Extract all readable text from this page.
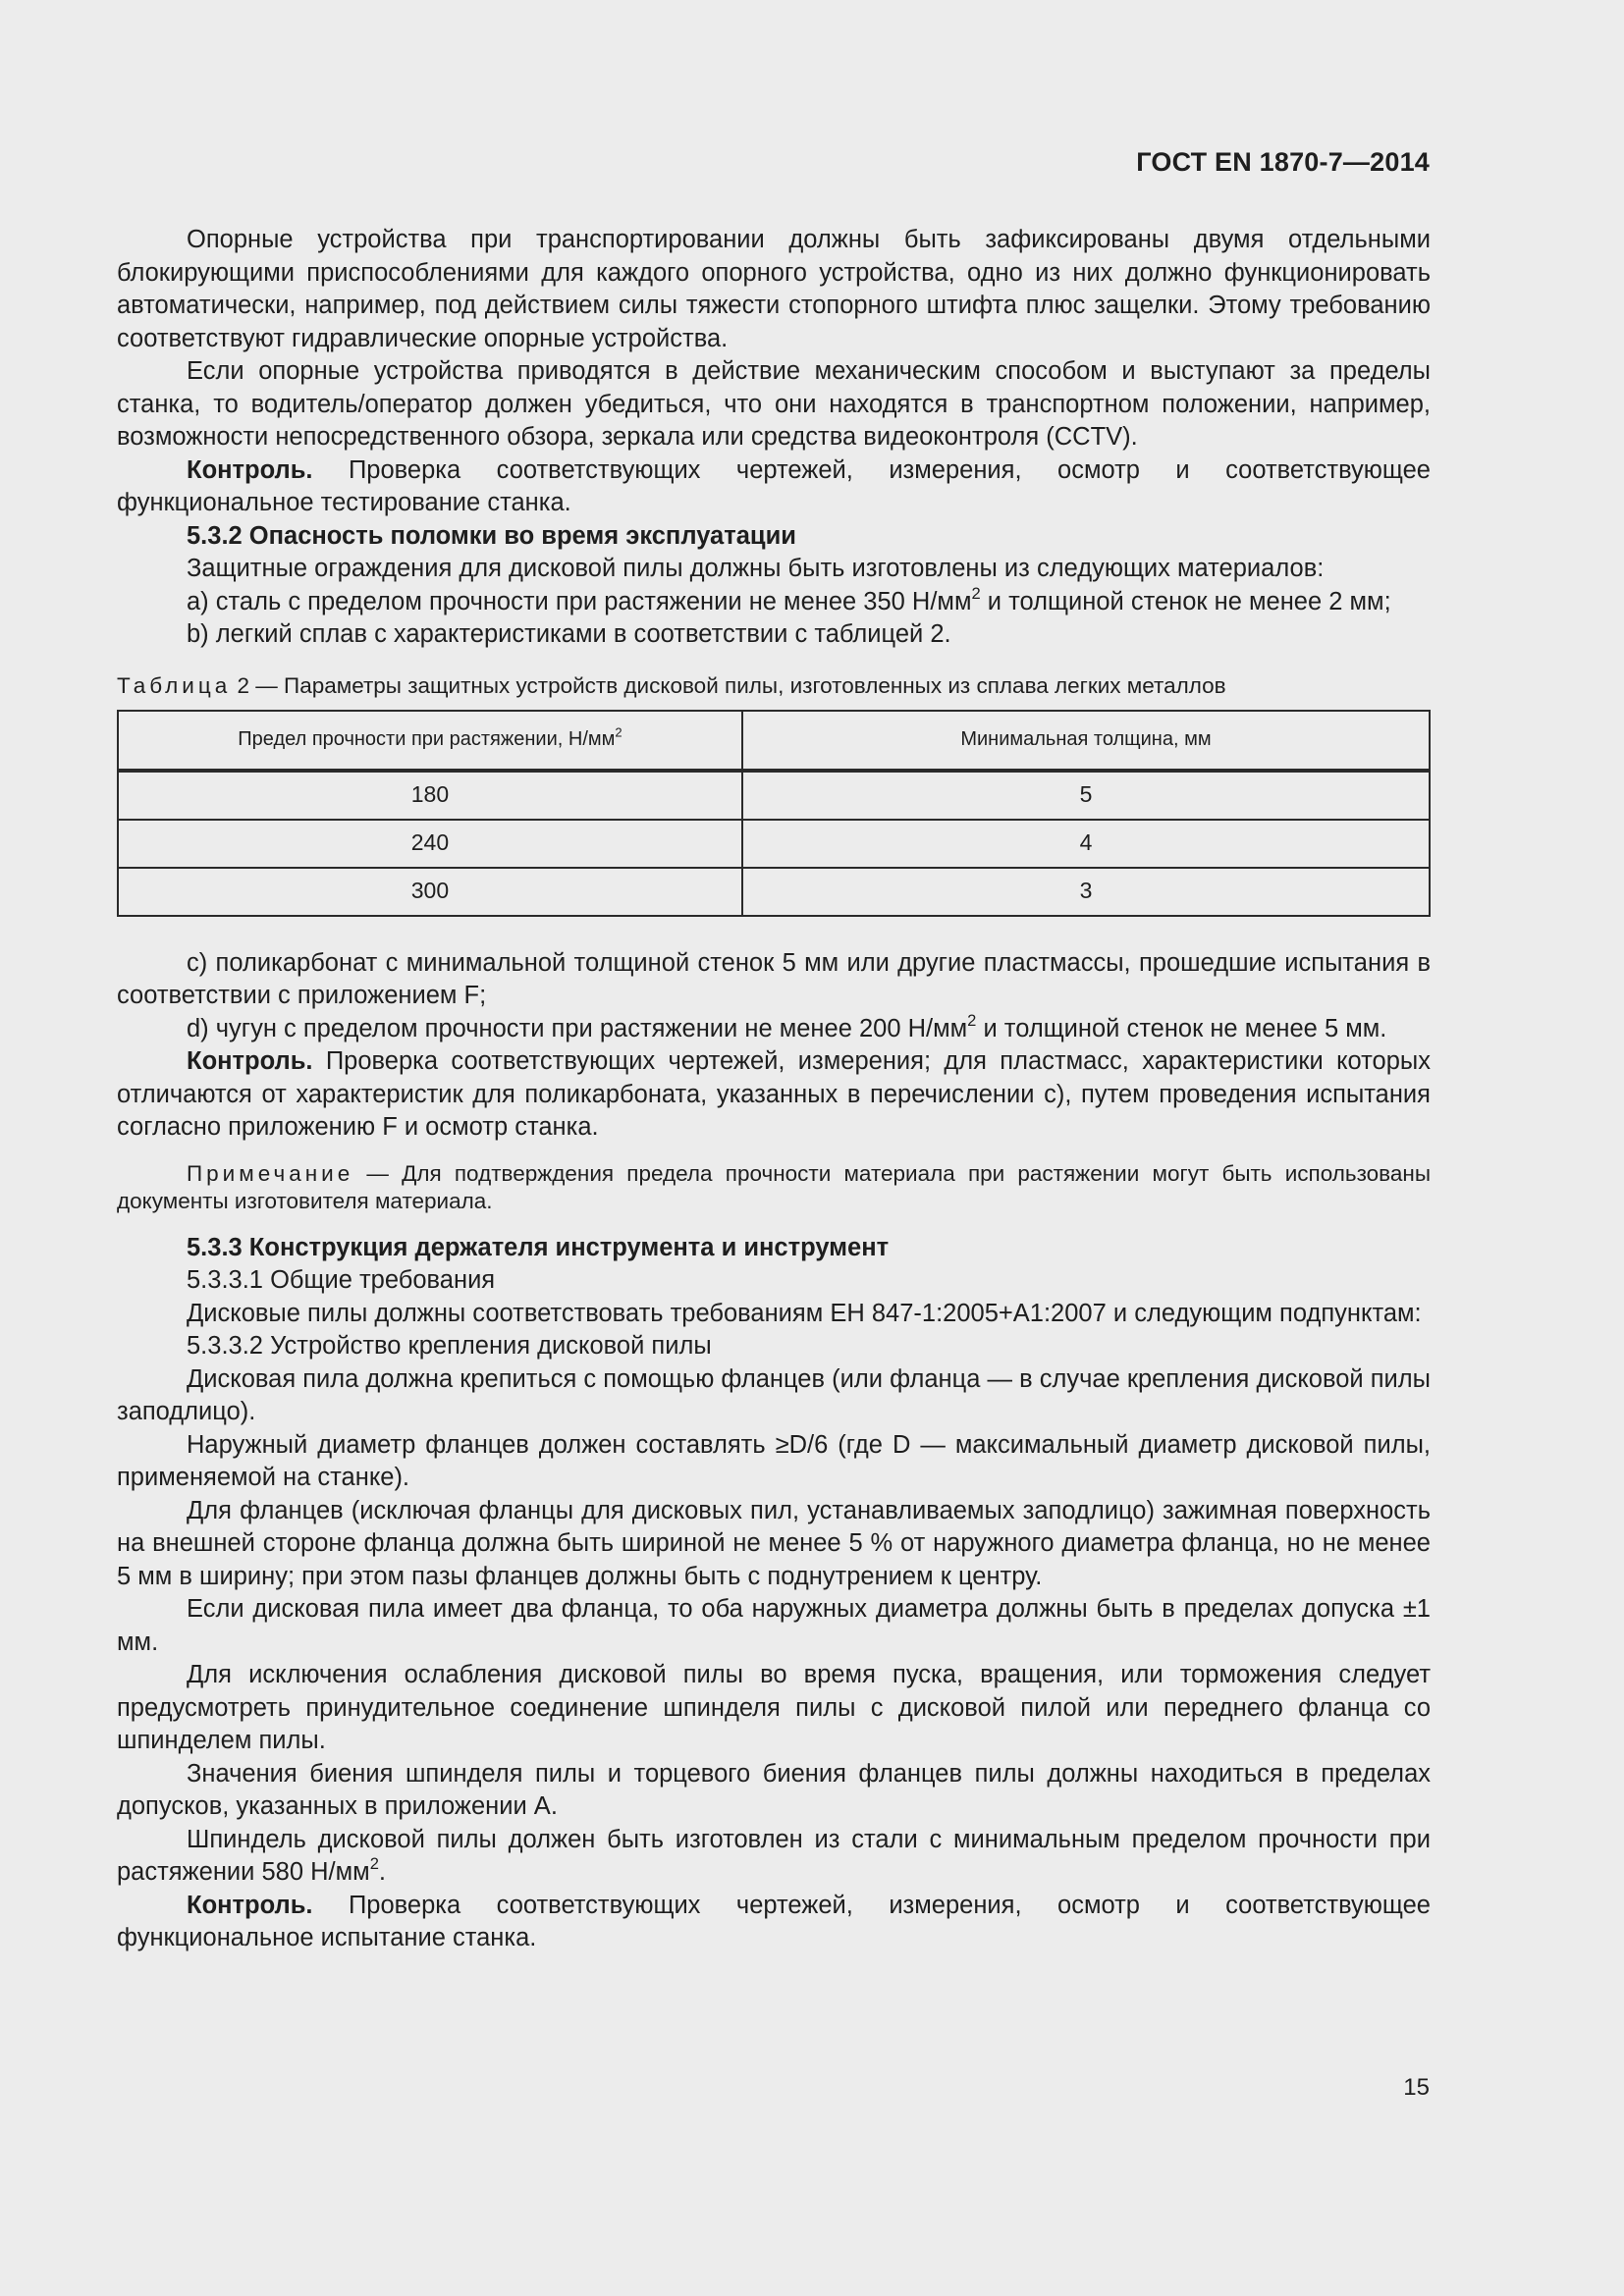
ГОСТ EN 1870-7—2014

Опорные устройства при транспортировании должны быть зафиксированы двумя отдельными блокирующими приспособлениями для каждого опорного устройства, одно из них должно функционировать автоматически, например, под действием силы тяжести стопорного штифта плюс защелки. Этому требованию соответствуют гидравлические опорные устройства.

Если опорные устройства приводятся в действие механическим способом и выступают за пределы станка, то водитель/оператор должен убедиться, что они находятся в транспортном положении, например, возможности непосредственного обзора, зеркала или средства видеоконтроля (CCTV).

Контроль. Проверка соответствующих чертежей, измерения, осмотр и соответствующее функциональное тестирование станка.

5.3.2 Опасность поломки во время эксплуатации

Защитные ограждения для дисковой пилы должны быть изготовлены из следующих материалов:

a) сталь с пределом прочности при растяжении не менее 350 $Н/мм^2$ и толщиной стенок не менее 2 мм;

b) легкий сплав с характеристиками в соответствии с таблицей 2.

Таблица 2 — Параметры защитных устройств дисковой пилы, изготовленных из сплава легких металлов

Предел прочности при растяжении, $Н/мм^2$	Минимальная толщина, мм
180	5
240	4
300	3

c) поликарбонат с минимальной толщиной стенок 5 мм или другие пластмассы, прошедшие испытания в соответствии с приложением F;

d) чугун с пределом прочности при растяжении не менее 200 $Н/мм^2$ и толщиной стенок не менее 5 мм.

Контроль. Проверка соответствующих чертежей, измерения; для пластмасс, характеристики которых отличаются от характеристик для поликарбоната, указанных в перечислении с), путем проведения испытания согласно приложению F и осмотр станка.

Примечание — Для подтверждения предела прочности материала при растяжении могут быть использованы документы изготовителя материала.

5.3.3 Конструкция держателя инструмента и инструмент

5.3.3.1 Общие требования

Дисковые пилы должны соответствовать требованиям ЕН 847-1:2005+А1:2007 и следующим подпунктам:

5.3.3.2 Устройство крепления дисковой пилы

Дисковая пила должна крепиться с помощью фланцев (или фланца — в случае крепления дисковой пилы заподлицо).

Наружный диаметр фланцев должен составлять ≥D/6 (где D — максимальный диаметр дисковой пилы, применяемой на станке).

Для фланцев (исключая фланцы для дисковых пил, устанавливаемых заподлицо) зажимная поверхность на внешней стороне фланца должна быть шириной не менее 5 % от наружного диаметра фланца, но не менее 5 мм в ширину; при этом пазы фланцев должны быть с поднутрением к центру.

Если дисковая пила имеет два фланца, то оба наружных диаметра должны быть в пределах допуска ±1 мм.

Для исключения ослабления дисковой пилы во время пуска, вращения, или торможения следует предусмотреть принудительное соединение шпинделя пилы с дисковой пилой или переднего фланца со шпинделем пилы.

Значения биения шпинделя пилы и торцевого биения фланцев пилы должны находиться в пределах допусков, указанных в приложении А.

Шпиндель дисковой пилы должен быть изготовлен из стали с минимальным пределом прочности при растяжении 580 $Н/мм^2$.

Контроль. Проверка соответствующих чертежей, измерения, осмотр и соответствующее функциональное испытание станка.

15
